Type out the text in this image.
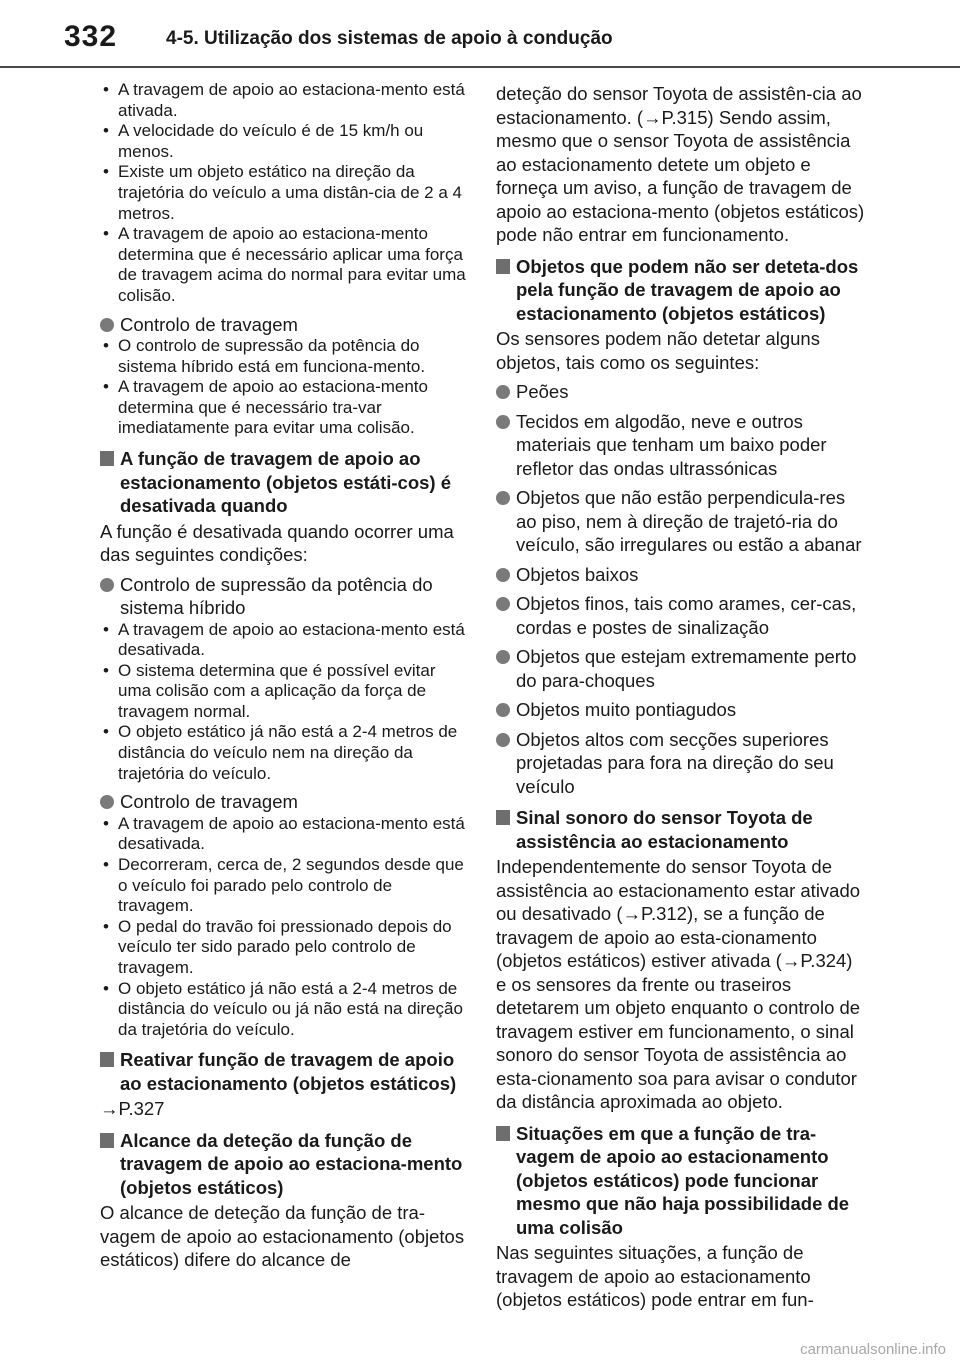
332	4-5. Utilização dos sistemas de apoio à condução
• A travagem de apoio ao estaciona-mento está ativada.
• A velocidade do veículo é de 15 km/h ou menos.
• Existe um objeto estático na direção da trajetória do veículo a uma distân-cia de 2 a 4 metros.
• A travagem de apoio ao estaciona-mento determina que é necessário aplicar uma força de travagem acima do normal para evitar uma colisão.
Controlo de travagem
• O controlo de supressão da potência do sistema híbrido está em funciona-mento.
• A travagem de apoio ao estaciona-mento determina que é necessário tra-var imediatamente para evitar uma colisão.
A função de travagem de apoio ao estacionamento (objetos estáti-cos) é desativada quando
A função é desativada quando ocorrer uma das seguintes condições:
Controlo de supressão da potência do sistema híbrido
• A travagem de apoio ao estaciona-mento está desativada.
• O sistema determina que é possível evitar uma colisão com a aplicação da força de travagem normal.
• O objeto estático já não está a 2-4 metros de distância do veículo nem na direção da trajetória do veículo.
Controlo de travagem
• A travagem de apoio ao estaciona-mento está desativada.
• Decorreram, cerca de, 2 segundos desde que o veículo foi parado pelo controlo de travagem.
• O pedal do travão foi pressionado depois do veículo ter sido parado pelo controlo de travagem.
• O objeto estático já não está a 2-4 metros de distância do veículo ou já não está na direção da trajetória do veículo.
Reativar função de travagem de apoio ao estacionamento (objetos estáticos)
→P.327
Alcance da deteção da função de travagem de apoio ao estaciona-mento (objetos estáticos)
O alcance de deteção da função de tra-vagem de apoio ao estacionamento (objetos estáticos) difere do alcance de
deteção do sensor Toyota de assistên-cia ao estacionamento. (→P.315) Sendo assim, mesmo que o sensor Toyota de assistência ao estacionamento detete um objeto e forneça um aviso, a função de travagem de apoio ao estaciona-mento (objetos estáticos) pode não entrar em funcionamento.
Objetos que podem não ser deteta-dos pela função de travagem de apoio ao estacionamento (objetos estáticos)
Os sensores podem não detetar alguns objetos, tais como os seguintes:
Peões
Tecidos em algodão, neve e outros materiais que tenham um baixo poder refletor das ondas ultrassónicas
Objetos que não estão perpendicula-res ao piso, nem à direção de trajetó-ria do veículo, são irregulares ou estão a abanar
Objetos baixos
Objetos finos, tais como arames, cer-cas, cordas e postes de sinalização
Objetos que estejam extremamente perto do para-choques
Objetos muito pontiagudos
Objetos altos com secções superiores projetadas para fora na direção do seu veículo
Sinal sonoro do sensor Toyota de assistência ao estacionamento
Independentemente do sensor Toyota de assistência ao estacionamento estar ativado ou desativado (→P.312), se a função de travagem de apoio ao esta-cionamento (objetos estáticos) estiver ativada (→P.324) e os sensores da frente ou traseiros detetarem um objeto enquanto o controlo de travagem estiver em funcionamento, o sinal sonoro do sensor Toyota de assistência ao esta-cionamento soa para avisar o condutor da distância aproximada ao objeto.
Situações em que a função de tra-vagem de apoio ao estacionamento (objetos estáticos) pode funcionar mesmo que não haja possibilidade de uma colisão
Nas seguintes situações, a função de travagem de apoio ao estacionamento (objetos estáticos) pode entrar em fun-
carmanualsonline.info
